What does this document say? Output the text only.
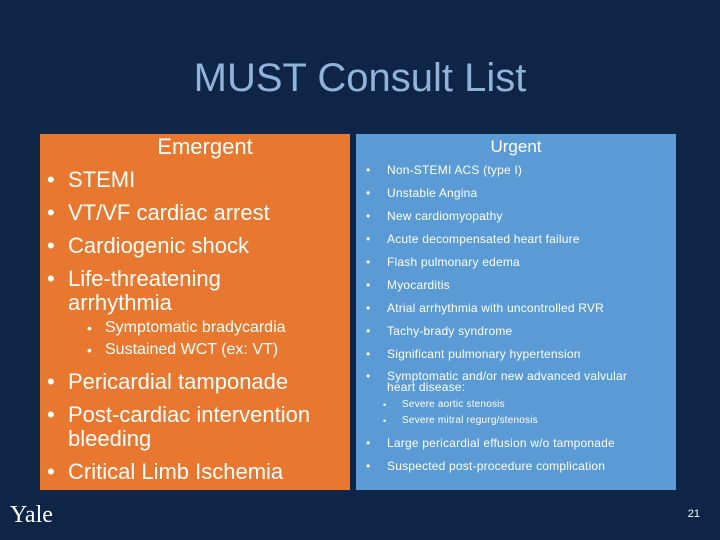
MUST Consult List
Emergent
• STEMI
• VT/VF cardiac arrest
• Cardiogenic shock
• Life-threatening arrhythmia
• Symptomatic bradycardia
• Sustained WCT (ex: VT)
• Pericardial tamponade
• Post-cardiac intervention bleeding
• Critical Limb Ischemia
Urgent
• Non-STEMI ACS (type I)
• Unstable Angina
• New cardiomyopathy
• Acute decompensated heart failure
• Flash pulmonary edema
• Myocarditis
• Atrial arrhythmia with uncontrolled RVR
• Tachy-brady syndrome
• Significant pulmonary hypertension
• Symptomatic and/or new advanced valvular heart disease:
• Severe aortic stenosis
• Severe mitral regurg/stenosis
• Large pericardial effusion w/o tamponade
• Suspected post-procedure complication
Yale	21
